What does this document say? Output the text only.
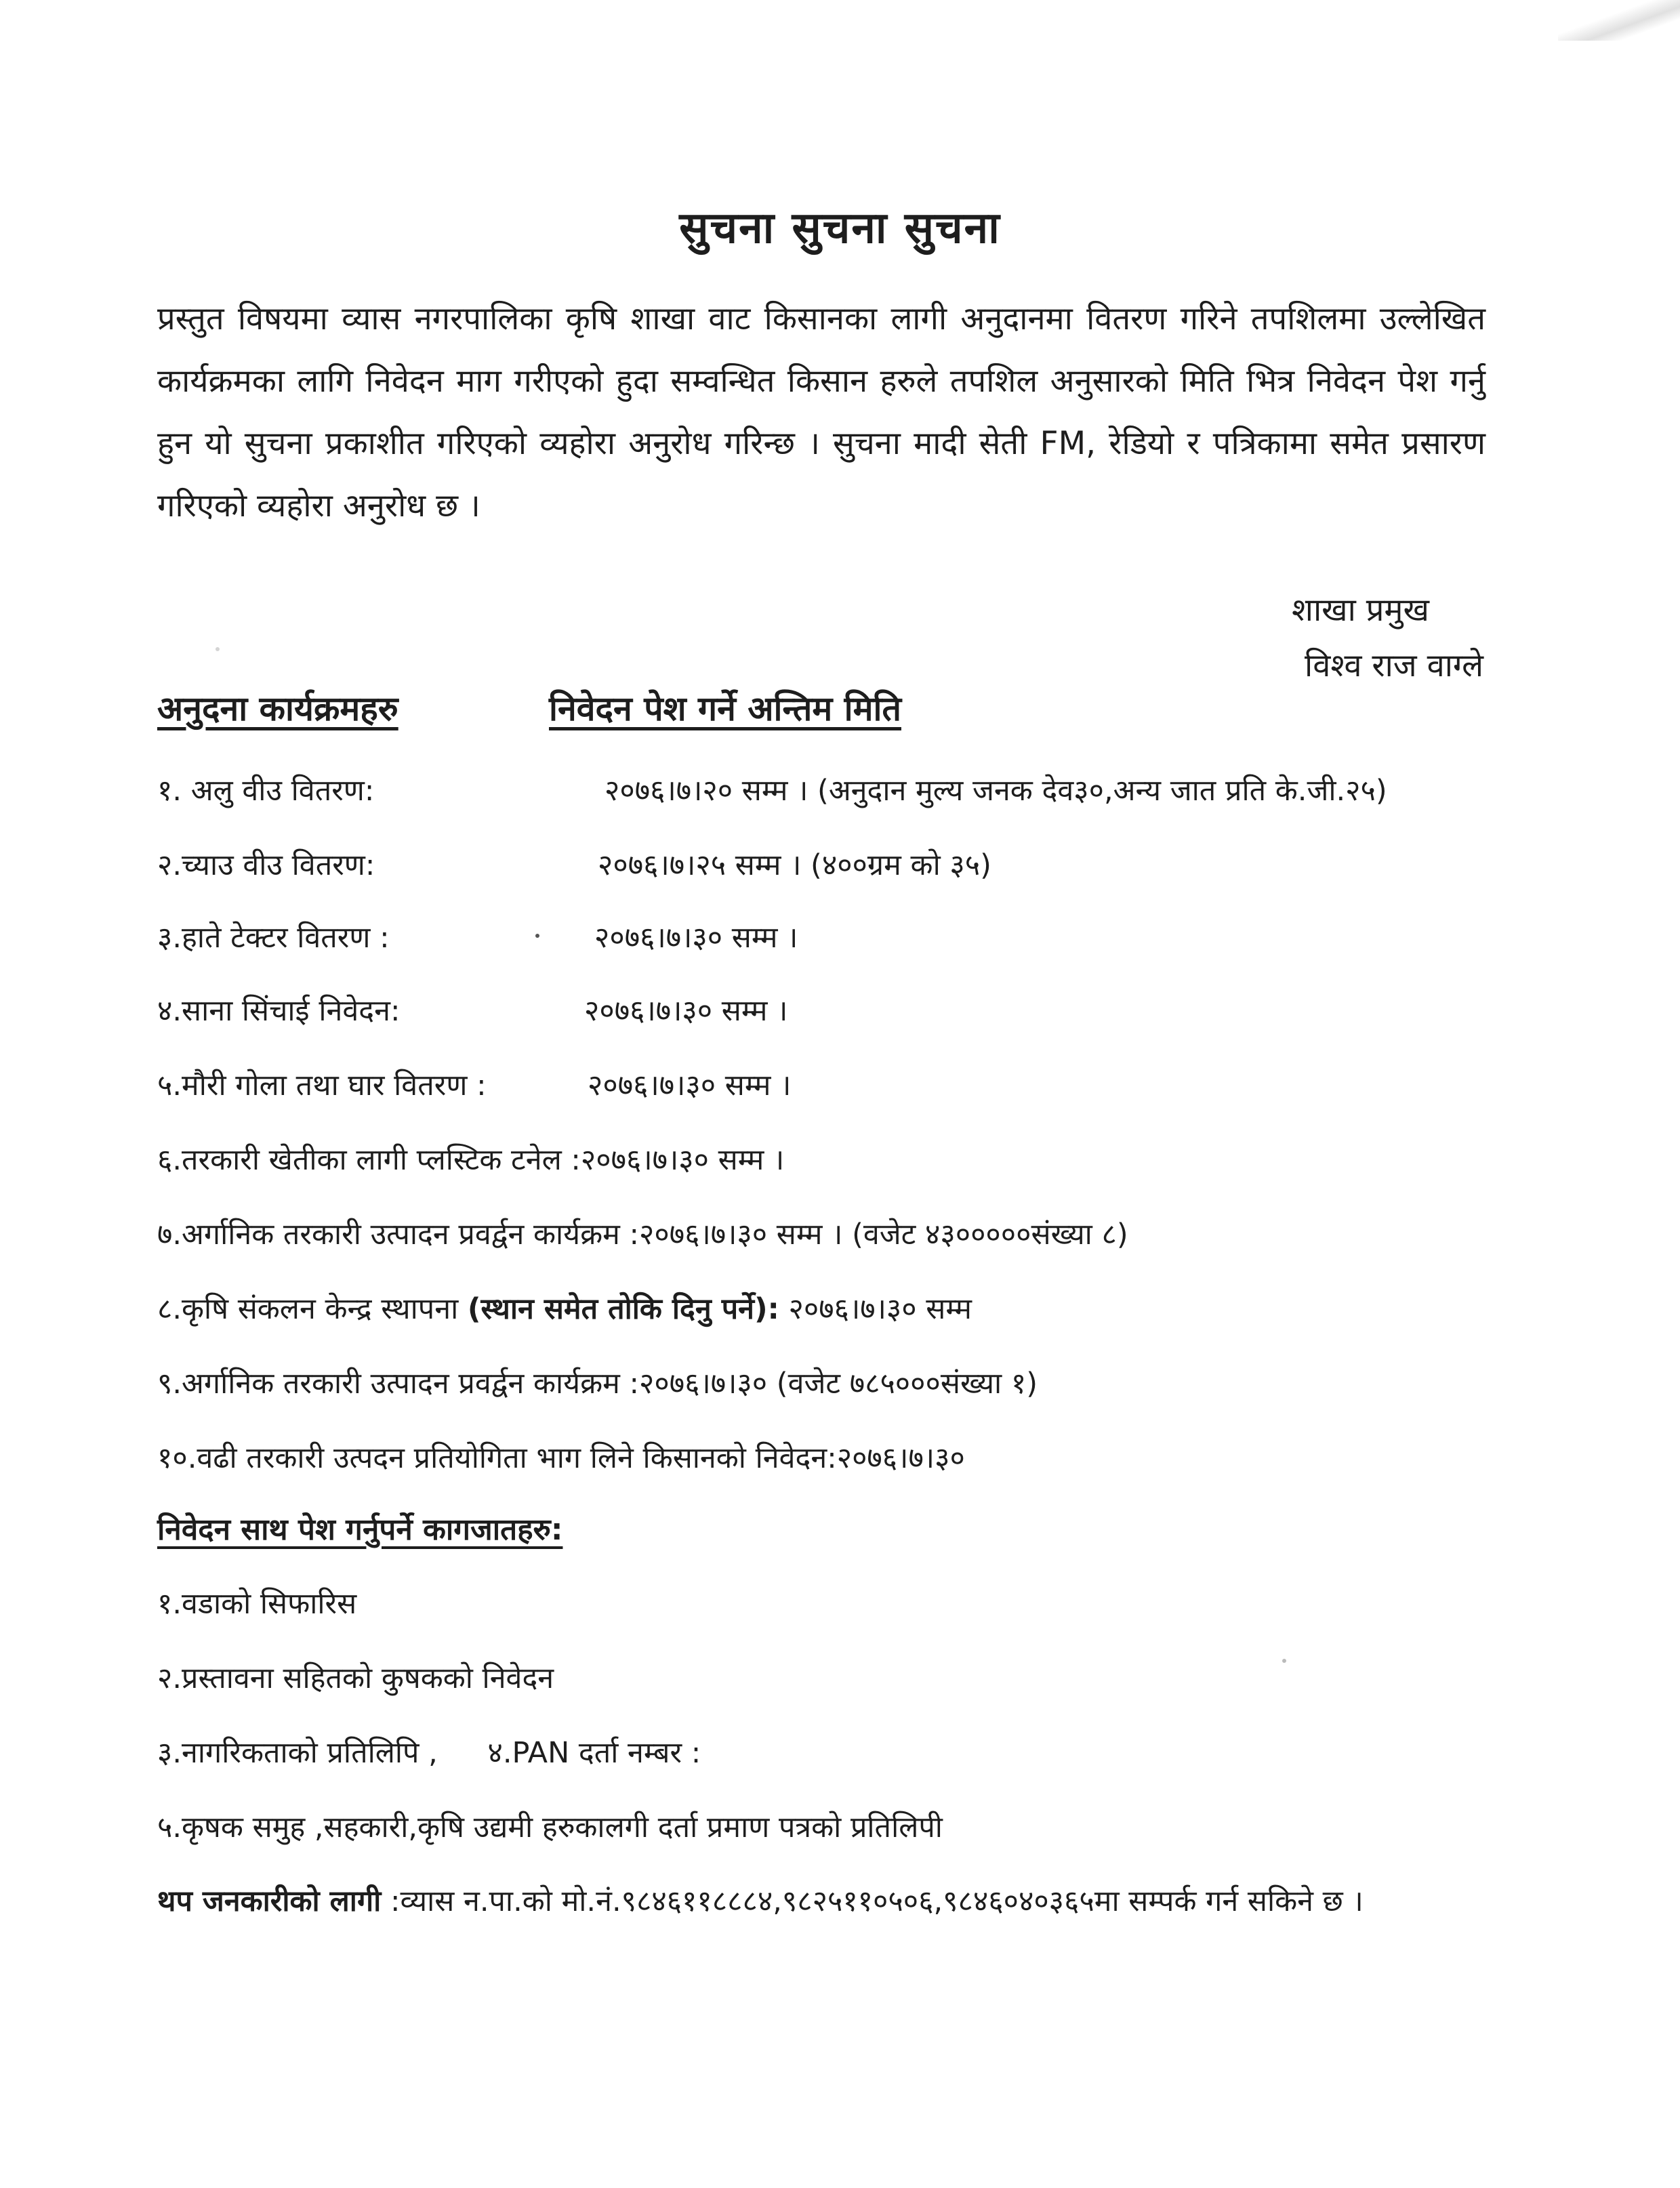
सुचना सुचना सुचना
प्रस्तुत विषयमा व्यास नगरपालिका कृषि शाखा वाट किसानका लागी अनुदानमा वितरण गरिने तपशिलमा उल्लेखित कार्यक्रमका लागि निवेदन माग गरीएको हुदा सम्वन्धित किसान हरुले तपशिल अनुसारको मिति भित्र निवेदन पेश गर्नु हुन यो सुचना प्रकाशीत गरिएको व्यहोरा अनुरोध गरिन्छ । सुचना मादी सेती FM, रेडियो र पत्रिकामा समेत प्रसारण गरिएको व्यहोरा अनुरोध छ ।
शाखा प्रमुख
विश्व राज वाग्ले
अनुदना कार्यक्रमहरु	निवेदन पेश गर्ने अन्तिम मिति
१. अलु वीउ वितरण:	२०७६।७।२० सम्म । (अनुदान मुल्य जनक देव३०,अन्य जात प्रति के.जी.२५)
२.च्याउ वीउ वितरण:	२०७६।७।२५ सम्म । (४००ग्रम को ३५)
३.हाते टेक्टर वितरण :	२०७६।७।३० सम्म ।
४.साना सिंचाई निवेदन:	२०७६।७।३० सम्म ।
५.मौरी गोला तथा घार वितरण :	२०७६।७।३० सम्म ।
६.तरकारी खेतीका लागी प्लस्टिक टनेल :२०७६।७।३० सम्म ।
७.अर्गानिक तरकारी उत्पादन प्रवर्द्वन कार्यक्रम :२०७६।७।३० सम्म । (वजेट ४३०००००संख्या ८)
८.कृषि संकलन केन्द्र स्थापना (स्थान समेत तोकि दिनु पर्ने): २०७६।७।३० सम्म
९.अर्गानिक तरकारी उत्पादन प्रवर्द्वन कार्यक्रम :२०७६।७।३० (वजेट ७८५०००संख्या १)
१०.वढी तरकारी उत्पदन प्रतियोगिता भाग लिने किसानको निवेदन:२०७६।७।३०
निवेदन साथ पेश गर्नुपर्ने कागजातहरु:
१.वडाको सिफारिस
२.प्रस्तावना सहितको कुषकको निवेदन
३.नागरिकताको प्रतिलिपि , ४.PAN दर्ता नम्बर :
५.कृषक समुह ,सहकारी,कृषि उद्यमी हरुकालगी दर्ता प्रमाण पत्रको प्रतिलिपी
थप जनकारीको लागी :व्यास न.पा.को मो.नं.९८४६११८८८४,९८२५११०५०६,९८४६०४०३६५मा सम्पर्क गर्न सकिने छ ।
